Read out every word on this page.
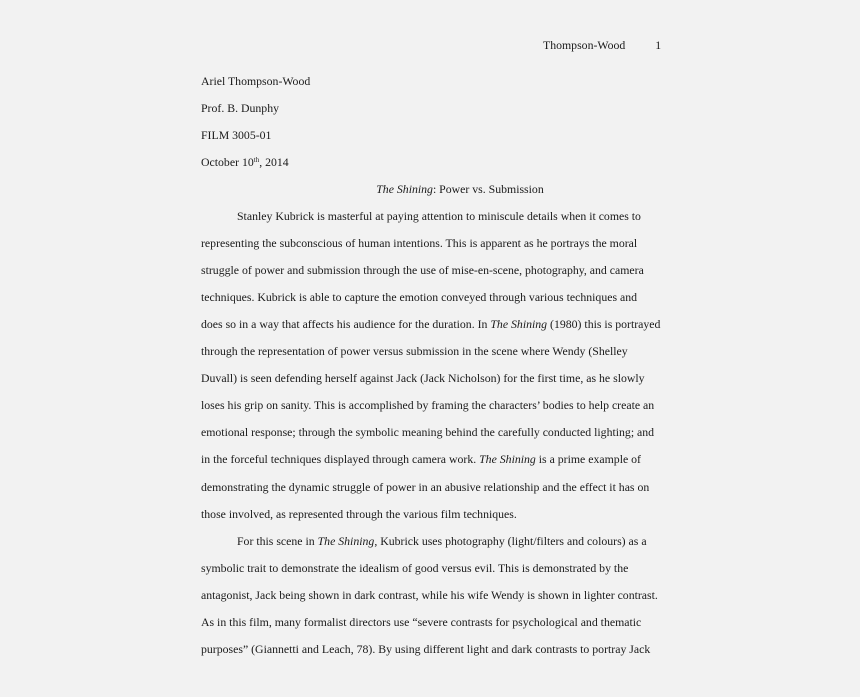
Thompson-Wood	1
Ariel Thompson-Wood
Prof. B. Dunphy
FILM 3005-01
October 10th, 2014
The Shining: Power vs. Submission
Stanley Kubrick is masterful at paying attention to miniscule details when it comes to
representing the subconscious of human intentions. This is apparent as he portrays the moral
struggle of power and submission through the use of mise-en-scene, photography, and camera
techniques. Kubrick is able to capture the emotion conveyed through various techniques and
does so in a way that affects his audience for the duration. In The Shining (1980) this is portrayed
through the representation of power versus submission in the scene where Wendy (Shelley
Duvall) is seen defending herself against Jack (Jack Nicholson) for the first time, as he slowly
loses his grip on sanity. This is accomplished by framing the characters’ bodies to help create an
emotional response; through the symbolic meaning behind the carefully conducted lighting; and
in the forceful techniques displayed through camera work. The Shining is a prime example of
demonstrating the dynamic struggle of power in an abusive relationship and the effect it has on
those involved, as represented through the various film techniques.
For this scene in The Shining, Kubrick uses photography (light/filters and colours) as a
symbolic trait to demonstrate the idealism of good versus evil. This is demonstrated by the
antagonist, Jack being shown in dark contrast, while his wife Wendy is shown in lighter contrast.
As in this film, many formalist directors use “severe contrasts for psychological and thematic
purposes” (Giannetti and Leach, 78). By using different light and dark contrasts to portray Jack
